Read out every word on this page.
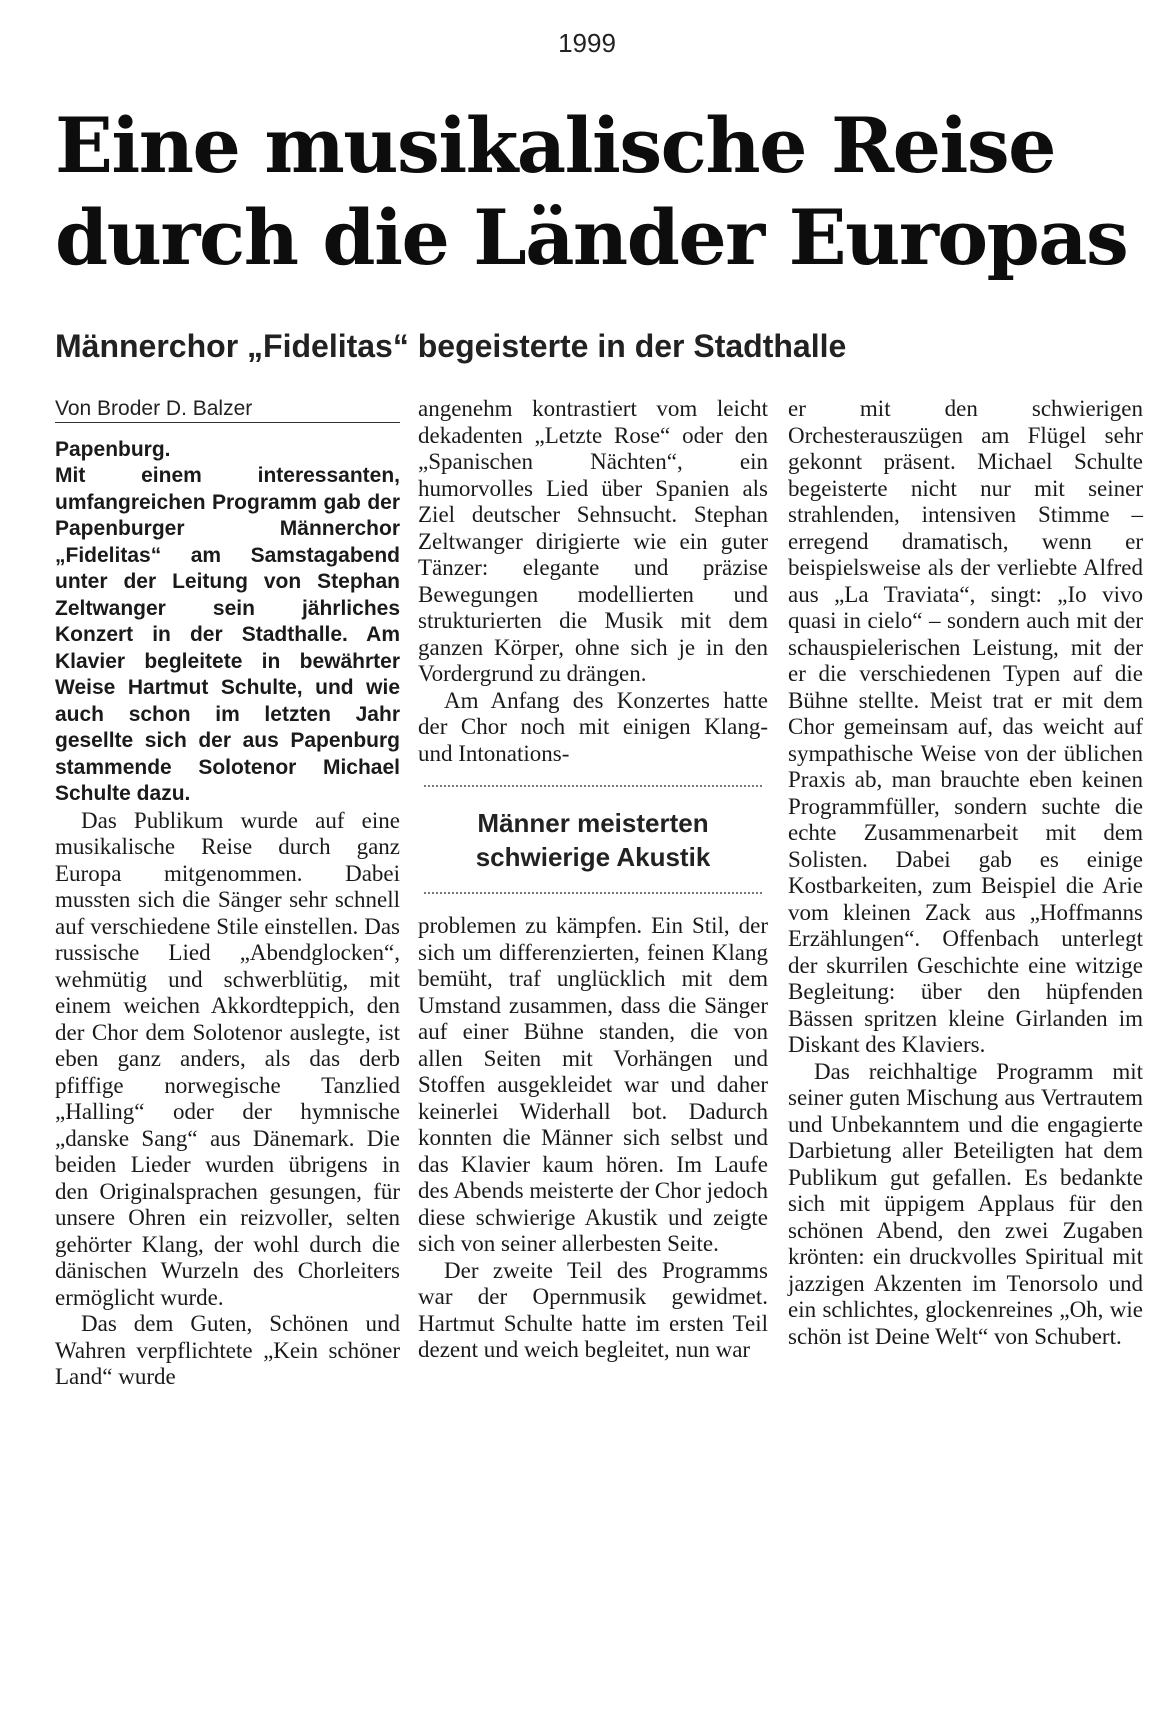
1999
Eine musikalische Reise
durch die Länder Europas
Männerchor „Fidelitas“ begeisterte in der Stadthalle

Von Broder D. Balzer

Papenburg.

Mit einem interessanten, umfangreichen Programm gab der Papenburger Männerchor „Fidelitas“ am Samstagabend unter der Leitung von Stephan Zeltwanger sein jährliches Konzert in der Stadthalle. Am Klavier begleitete in bewährter Weise Hartmut Schulte, und wie auch schon im letzten Jahr gesellte sich der aus Papenburg stammende Solotenor Michael Schulte dazu.

Das Publikum wurde auf eine musikalische Reise durch ganz Europa mitgenommen. Dabei mussten sich die Sänger sehr schnell auf verschiedene Stile einstellen. Das russische Lied „Abendglocken“, wehmütig und schwerblütig, mit einem weichen Akkordteppich, den der Chor dem Solotenor auslegte, ist eben ganz anders, als das derb pfiffige norwegische Tanzlied „Halling“ oder der hymnische „danske Sang“ aus Dänemark. Die beiden Lieder wurden übrigens in den Originalsprachen gesungen, für unsere Ohren ein reizvoller, selten gehörter Klang, der wohl durch die dänischen Wurzeln des Chorleiters ermöglicht wurde.

Das dem Guten, Schönen und Wahren verpflichtete „Kein schöner Land“ wurde

angenehm kontrastiert vom leicht dekadenten „Letzte Rose“ oder den „Spanischen Nächten“, ein humorvolles Lied über Spanien als Ziel deutscher Sehnsucht. Stephan Zeltwanger dirigierte wie ein guter Tänzer: elegante und präzise Bewegungen modellierten und strukturierten die Musik mit dem ganzen Körper, ohne sich je in den Vordergrund zu drängen.

Am Anfang des Konzertes hatte der Chor noch mit einigen Klang- und Intonations-

Männer meisterten
schwierige Akustik

problemen zu kämpfen. Ein Stil, der sich um differenzierten, feinen Klang bemüht, traf unglücklich mit dem Umstand zusammen, dass die Sänger auf einer Bühne standen, die von allen Seiten mit Vorhängen und Stoffen ausgekleidet war und daher keinerlei Widerhall bot. Dadurch konnten die Männer sich selbst und das Klavier kaum hören. Im Laufe des Abends meisterte der Chor jedoch diese schwierige Akustik und zeigte sich von seiner allerbesten Seite.

Der zweite Teil des Programms war der Opernmusik gewidmet. Hartmut Schulte hatte im ersten Teil dezent und weich begleitet, nun war

er mit den schwierigen Orchesterauszügen am Flügel sehr gekonnt präsent. Michael Schulte begeisterte nicht nur mit seiner strahlenden, intensiven Stimme – erregend dramatisch, wenn er beispielsweise als der verliebte Alfred aus „La Traviata“, singt: „Io vivo quasi in cielo“ – sondern auch mit der schauspielerischen Leistung, mit der er die verschiedenen Typen auf die Bühne stellte. Meist trat er mit dem Chor gemeinsam auf, das weicht auf sympathische Weise von der üblichen Praxis ab, man brauchte eben keinen Programmfüller, sondern suchte die echte Zusammenarbeit mit dem Solisten. Dabei gab es einige Kostbarkeiten, zum Beispiel die Arie vom kleinen Zack aus „Hoffmanns Erzählungen“. Offenbach unterlegt der skurrilen Geschichte eine witzige Begleitung: über den hüpfenden Bässen spritzen kleine Girlanden im Diskant des Klaviers.

Das reichhaltige Programm mit seiner guten Mischung aus Vertrautem und Unbekanntem und die engagierte Darbietung aller Beteiligten hat dem Publikum gut gefallen. Es bedankte sich mit üppigem Applaus für den schönen Abend, den zwei Zugaben krönten: ein druckvolles Spiritual mit jazzigen Akzenten im Tenorsolo und ein schlichtes, glockenreines „Oh, wie schön ist Deine Welt“ von Schubert.
